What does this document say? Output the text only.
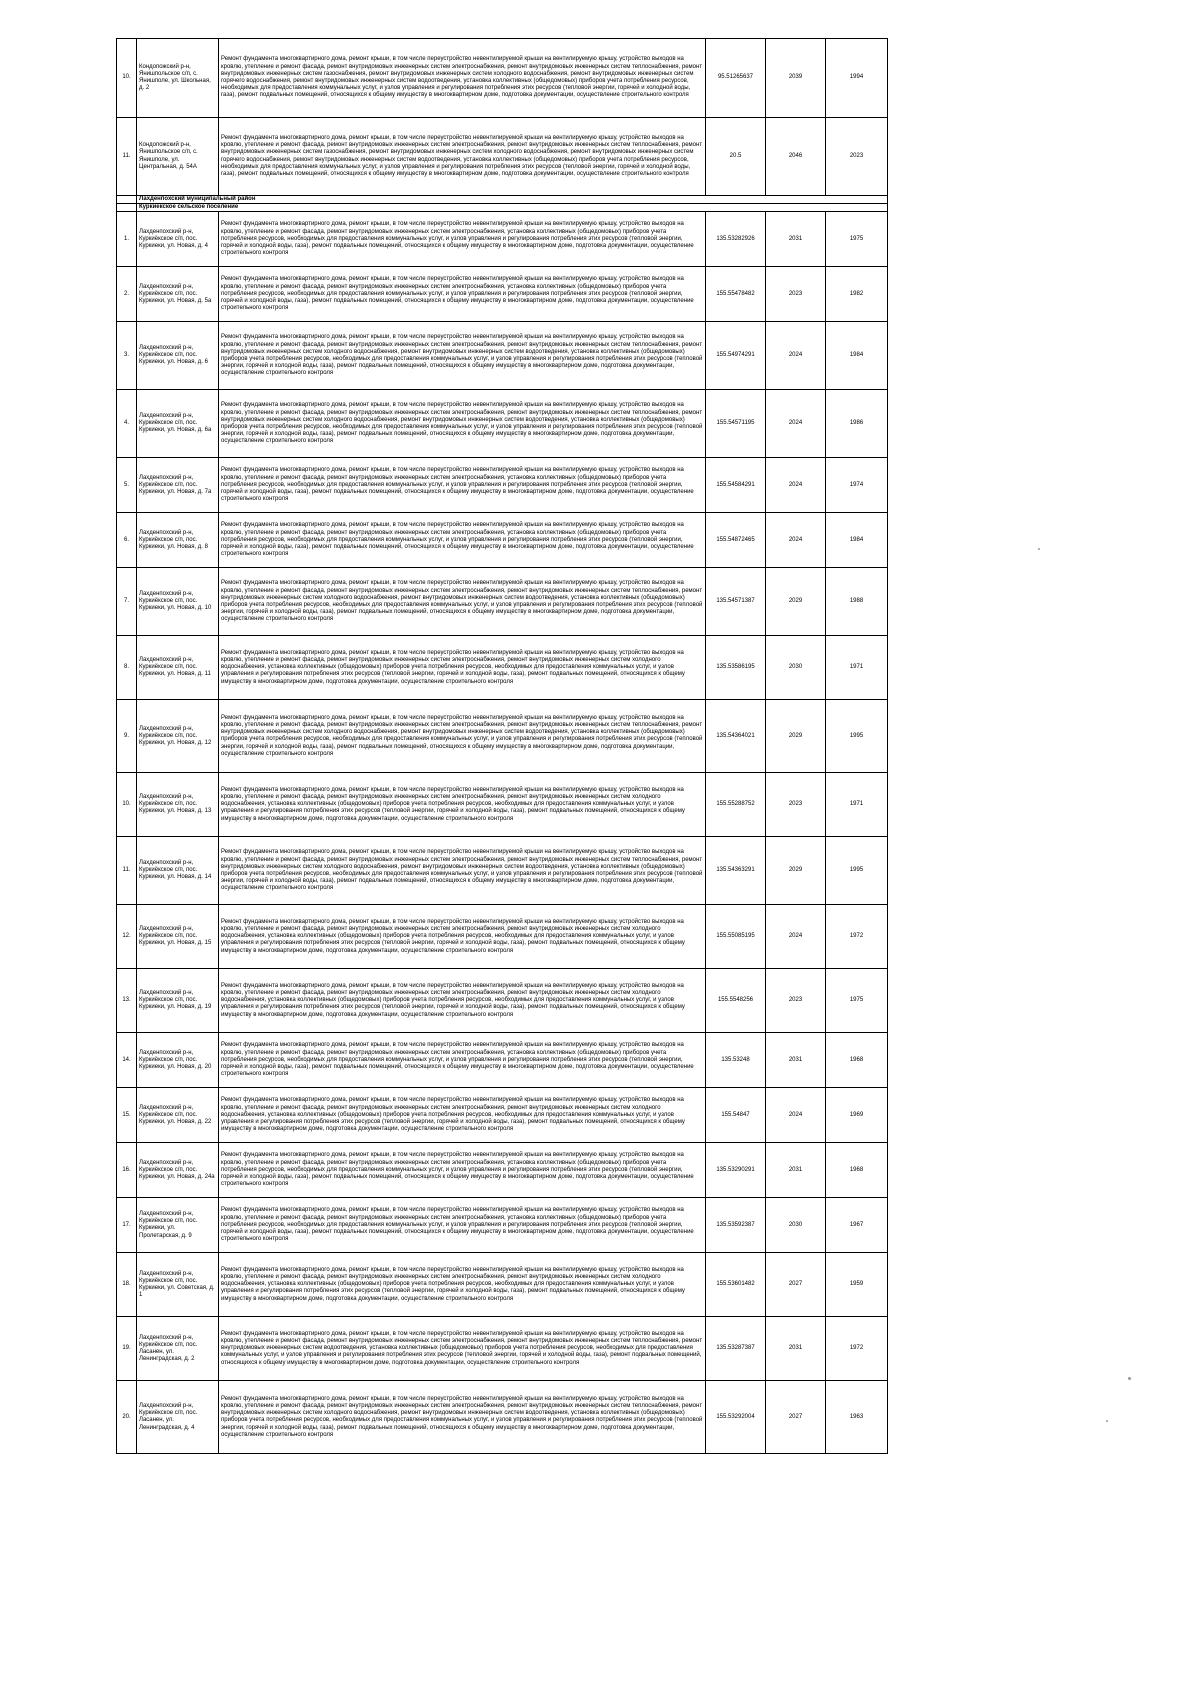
10.	Кондопожский р-н, Янишпольское с/п, с. Янишполе, ул. Школьная, д. 2	Ремонт фундамента многоквартирного дома, ремонт крыши, в том числе переустройство невентилируемой крыши на вентилируемую крышу, устройство выходов на кровлю, утепление и ремонт фасада, ремонт внутридомовых инженерных систем электроснабжения, ремонт внутридомовых инженерных систем теплоснабжения, ремонт внутридомовых инженерных систем газоснабжения, ремонт внутридомовых инженерных систем холодного водоснабжения, ремонт внутридомовых инженерных систем горячего водоснабжения, ремонт внутридомовых инженерных систем водоотведения, установка коллективных (общедомовых) приборов учета потребления ресурсов, необходимых для предоставления коммунальных услуг, и узлов управления и регулирования потребления этих ресурсов (тепловой энергии, горячей и холодной воды, газа), ремонт подвальных помещений, относящихся к общему имуществу в многоквартирном доме, подготовка документации, осуществление строительного контроля	95.51265637	2039	1994
11.	Кондопожский р-н, Янишпольское с/п, с. Янишполе, ул. Центральная, д. 54А	Ремонт фундамента многоквартирного дома, ремонт крыши, в том числе переустройство невентилируемой крыши на вентилируемую крышу, устройство выходов на кровлю, утепление и ремонт фасада, ремонт внутридомовых инженерных систем электроснабжения, ремонт внутридомовых инженерных систем теплоснабжения, ремонт внутридомовых инженерных систем газоснабжения, ремонт внутридомовых инженерных систем холодного водоснабжения, ремонт внутридомовых инженерных систем горячего водоснабжения, ремонт внутридомовых инженерных систем водоотведения, установка коллективных (общедомовых) приборов учета потребления ресурсов, необходимых для предоставления коммунальных услуг, и узлов управления и регулирования потребления этих ресурсов (тепловой энергии, горячей и холодной воды, газа), ремонт подвальных помещений, относящихся к общему имуществу в многоквартирном доме, подготовка документации, осуществление строительного контроля	20.5	2046	2023
	Лахденпохский муниципальный район				
	Куркиекское сельское поселение				
1.	Лахденпохский р-н, Куркиёкское с/п, пос. Куркиеки, ул. Новая, д. 4	Ремонт фундамента многоквартирного дома, ремонт крыши, в том числе переустройство невентилируемой крыши на вентилируемую крышу, устройство выходов на кровлю, утепление и ремонт фасада, ремонт внутридомовых инженерных систем электроснабжения, установка коллективных (общедомовых) приборов учета потребления ресурсов, необходимых для предоставления коммунальных услуг, и узлов управления и регулирования потребления этих ресурсов (тепловой энергии, горячей и холодной воды, газа), ремонт подвальных помещений, относящихся к общему имуществу в многоквартирном доме, подготовка документации, осуществление строительного контроля	135.53282926	2031	1975
2.	Лахденпохский р-н, Куркиёкское с/п, пос. Куркиеки, ул. Новая, д. 5а	Ремонт фундамента многоквартирного дома, ремонт крыши, в том числе переустройство невентилируемой крыши на вентилируемую крышу, устройство выходов на кровлю, утепление и ремонт фасада, ремонт внутридомовых инженерных систем электроснабжения, установка коллективных (общедомовых) приборов учета потребления ресурсов, необходимых для предоставления коммунальных услуг, и узлов управления и регулирования потребления этих ресурсов (тепловой энергии, горячей и холодной воды, газа), ремонт подвальных помещений, относящихся к общему имуществу в многоквартирном доме, подготовка документации, осуществление строительного контроля	155.55478482	2023	1982
3.	Лахденпохский р-н, Куркиёкское с/п, пос. Куркиеки, ул. Новая, д. 6	Ремонт фундамента многоквартирного дома, ремонт крыши, в том числе переустройство невентилируемой крыши на вентилируемую крышу, устройство выходов на кровлю, утепление и ремонт фасада, ремонт внутридомовых инженерных систем электроснабжения, ремонт внутридомовых инженерных систем теплоснабжения, ремонт внутридомовых инженерных систем холодного водоснабжения, ремонт внутридомовых инженерных систем водоотведения, установка коллективных (общедомовых) приборов учета потребления ресурсов, необходимых для предоставления коммунальных услуг, и узлов управления и регулирования потребления этих ресурсов (тепловой энергии, горячей и холодной воды, газа), ремонт подвальных помещений, относящихся к общему имуществу в многоквартирном доме, подготовка документации, осуществление строительного контроля	155.54974291	2024	1984
4.	Лахденпохский р-н, Куркиёкское с/п, пос. Куркиеки, ул. Новая, д. 6а	Ремонт фундамента многоквартирного дома, ремонт крыши, в том числе переустройство невентилируемой крыши на вентилируемую крышу, устройство выходов на кровлю, утепление и ремонт фасада, ремонт внутридомовых инженерных систем электроснабжения, ремонт внутридомовых инженерных систем теплоснабжения, ремонт внутридомовых инженерных систем холодного водоснабжения, ремонт внутридомовых инженерных систем водоотведения, установка коллективных (общедомовых) приборов учета потребления ресурсов, необходимых для предоставления коммунальных услуг, и узлов управления и регулирования потребления этих ресурсов (тепловой энергии, горячей и холодной воды, газа), ремонт подвальных помещений, относящихся к общему имуществу в многоквартирном доме, подготовка документации, осуществление строительного контроля	155.54571195	2024	1986
5.	Лахденпохский р-н, Куркиёкское с/п, пос. Куркиеки, ул. Новая, д. 7а	Ремонт фундамента многоквартирного дома, ремонт крыши, в том числе переустройство невентилируемой крыши на вентилируемую крышу, устройство выходов на кровлю, утепление и ремонт фасада, ремонт внутридомовых инженерных систем электроснабжения, установка коллективных (общедомовых) приборов учета потребления ресурсов, необходимых для предоставления коммунальных услуг, и узлов управления и регулирования потребления этих ресурсов (тепловой энергии, горячей и холодной воды, газа), ремонт подвальных помещений, относящихся к общему имуществу в многоквартирном доме, подготовка документации, осуществление строительного контроля	155.54584291	2024	1974
6.	Лахденпохский р-н, Куркиёкское с/п, пос. Куркиеки, ул. Новая, д. 8	Ремонт фундамента многоквартирного дома, ремонт крыши, в том числе переустройство невентилируемой крыши на вентилируемую крышу, устройство выходов на кровлю, утепление и ремонт фасада, ремонт внутридомовых инженерных систем электроснабжения, установка коллективных (общедомовых) приборов учета потребления ресурсов, необходимых для предоставления коммунальных услуг, и узлов управления и регулирования потребления этих ресурсов (тепловой энергии, горячей и холодной воды, газа), ремонт подвальных помещений, относящихся к общему имуществу в многоквартирном доме, подготовка документации, осуществление строительного контроля	155.54872465	2024	1984
7.	Лахденпохский р-н, Куркиёкское с/п, пос. Куркиеки, ул. Новая, д. 10	Ремонт фундамента многоквартирного дома, ремонт крыши, в том числе переустройство невентилируемой крыши на вентилируемую крышу, устройство выходов на кровлю, утепление и ремонт фасада, ремонт внутридомовых инженерных систем электроснабжения, ремонт внутридомовых инженерных систем теплоснабжения, ремонт внутридомовых инженерных систем холодного водоснабжения, ремонт внутридомовых инженерных систем водоотведения, установка коллективных (общедомовых) приборов учета потребления ресурсов, необходимых для предоставления коммунальных услуг, и узлов управления и регулирования потребления этих ресурсов (тепловой энергии, горячей и холодной воды, газа), ремонт подвальных помещений, относящихся к общему имуществу в многоквартирном доме, подготовка документации, осуществление строительного контроля	135.54571387	2029	1988
8.	Лахденпохский р-н, Куркиёкское с/п, пос. Куркиеки, ул. Новая, д. 11	Ремонт фундамента многоквартирного дома, ремонт крыши, в том числе переустройство невентилируемой крыши на вентилируемую крышу, устройство выходов на кровлю, утепление и ремонт фасада, ремонт внутридомовых инженерных систем электроснабжения, ремонт внутридомовых инженерных систем холодного водоснабжения, установка коллективных (общедомовых) приборов учета потребления ресурсов, необходимых для предоставления коммунальных услуг, и узлов управления и регулирования потребления этих ресурсов (тепловой энергии, горячей и холодной воды, газа), ремонт подвальных помещений, относящихся к общему имуществу в многоквартирном доме, подготовка документации, осуществление строительного контроля	135.53586195	2030	1971
9.	Лахденпохский р-н, Куркиёкское с/п, пос. Куркиеки, ул. Новая, д. 12	Ремонт фундамента многоквартирного дома, ремонт крыши, в том числе переустройство невентилируемой крыши на вентилируемую крышу, устройство выходов на кровлю, утепление и ремонт фасада, ремонт внутридомовых инженерных систем электроснабжения, ремонт внутридомовых инженерных систем теплоснабжения, ремонт внутридомовых инженерных систем холодного водоснабжения, ремонт внутридомовых инженерных систем водоотведения, установка коллективных (общедомовых) приборов учета потребления ресурсов, необходимых для предоставления коммунальных услуг, и узлов управления и регулирования потребления этих ресурсов (тепловой энергии, горячей и холодной воды, газа), ремонт подвальных помещений, относящихся к общему имуществу в многоквартирном доме, подготовка документации, осуществление строительного контроля	135.54364021	2029	1995
10.	Лахденпохский р-н, Куркиёкское с/п, пос. Куркиеки, ул. Новая, д. 13	Ремонт фундамента многоквартирного дома, ремонт крыши, в том числе переустройство невентилируемой крыши на вентилируемую крышу, устройство выходов на кровлю, утепление и ремонт фасада, ремонт внутридомовых инженерных систем электроснабжения, ремонт внутридомовых инженерных систем холодного водоснабжения, установка коллективных (общедомовых) приборов учета потребления ресурсов, необходимых для предоставления коммунальных услуг, и узлов управления и регулирования потребления этих ресурсов (тепловой энергии, горячей и холодной воды, газа), ремонт подвальных помещений, относящихся к общему имуществу в многоквартирном доме, подготовка документации, осуществление строительного контроля	155.55288752	2023	1971
11.	Лахденпохский р-н, Куркиёкское с/п, пос. Куркиеки, ул. Новая, д. 14	Ремонт фундамента многоквартирного дома, ремонт крыши, в том числе переустройство невентилируемой крыши на вентилируемую крышу, устройство выходов на кровлю, утепление и ремонт фасада, ремонт внутридомовых инженерных систем электроснабжения, ремонт внутридомовых инженерных систем теплоснабжения, ремонт внутридомовых инженерных систем холодного водоснабжения, ремонт внутридомовых инженерных систем водоотведения, установка коллективных (общедомовых) приборов учета потребления ресурсов, необходимых для предоставления коммунальных услуг, и узлов управления и регулирования потребления этих ресурсов (тепловой энергии, горячей и холодной воды, газа), ремонт подвальных помещений, относящихся к общему имуществу в многоквартирном доме, подготовка документации, осуществление строительного контроля	135.54363291	2029	1995
12.	Лахденпохский р-н, Куркиёкское с/п, пос. Куркиеки, ул. Новая, д. 15	Ремонт фундамента многоквартирного дома, ремонт крыши, в том числе переустройство невентилируемой крыши на вентилируемую крышу, устройство выходов на кровлю, утепление и ремонт фасада, ремонт внутридомовых инженерных систем электроснабжения, ремонт внутридомовых инженерных систем холодного водоснабжения, установка коллективных (общедомовых) приборов учета потребления ресурсов, необходимых для предоставления коммунальных услуг, и узлов управления и регулирования потребления этих ресурсов (тепловой энергии, горячей и холодной воды, газа), ремонт подвальных помещений, относящихся к общему имуществу в многоквартирном доме, подготовка документации, осуществление строительного контроля	155.55085195	2024	1972
13.	Лахденпохский р-н, Куркиёкское с/п, пос. Куркиеки, ул. Новая, д. 19	Ремонт фундамента многоквартирного дома, ремонт крыши, в том числе переустройство невентилируемой крыши на вентилируемую крышу, устройство выходов на кровлю, утепление и ремонт фасада, ремонт внутридомовых инженерных систем электроснабжения, ремонт внутридомовых инженерных систем холодного водоснабжения, установка коллективных (общедомовых) приборов учета потребления ресурсов, необходимых для предоставления коммунальных услуг, и узлов управления и регулирования потребления этих ресурсов (тепловой энергии, горячей и холодной воды, газа), ремонт подвальных помещений, относящихся к общему имуществу в многоквартирном доме, подготовка документации, осуществление строительного контроля	155.5548256	2023	1975
14.	Лахденпохский р-н, Куркиёкское с/п, пос. Куркиеки, ул. Новая, д. 20	Ремонт фундамента многоквартирного дома, ремонт крыши, в том числе переустройство невентилируемой крыши на вентилируемую крышу, устройство выходов на кровлю, утепление и ремонт фасада, ремонт внутридомовых инженерных систем электроснабжения, установка коллективных (общедомовых) приборов учета потребления ресурсов, необходимых для предоставления коммунальных услуг, и узлов управления и регулирования потребления этих ресурсов (тепловой энергии, горячей и холодной воды, газа), ремонт подвальных помещений, относящихся к общему имуществу в многоквартирном доме, подготовка документации, осуществление строительного контроля	135.53248	2031	1968
15.	Лахденпохский р-н, Куркиёкское с/п, пос. Куркиеки, ул. Новая, д. 22	Ремонт фундамента многоквартирного дома, ремонт крыши, в том числе переустройство невентилируемой крыши на вентилируемую крышу, устройство выходов на кровлю, утепление и ремонт фасада, ремонт внутридомовых инженерных систем электроснабжения, ремонт внутридомовых инженерных систем холодного водоснабжения, установка коллективных (общедомовых) приборов учета потребления ресурсов, необходимых для предоставления коммунальных услуг, и узлов управления и регулирования потребления этих ресурсов (тепловой энергии, горячей и холодной воды, газа), ремонт подвальных помещений, относящихся к общему имуществу в многоквартирном доме, подготовка документации, осуществление строительного контроля	155.54847	2024	1969
16.	Лахденпохский р-н, Куркиёкское с/п, пос. Куркиеки, ул. Новая, д. 24а	Ремонт фундамента многоквартирного дома, ремонт крыши, в том числе переустройство невентилируемой крыши на вентилируемую крышу, устройство выходов на кровлю, утепление и ремонт фасада, ремонт внутридомовых инженерных систем электроснабжения, установка коллективных (общедомовых) приборов учета потребления ресурсов, необходимых для предоставления коммунальных услуг, и узлов управления и регулирования потребления этих ресурсов (тепловой энергии, горячей и холодной воды, газа), ремонт подвальных помещений, относящихся к общему имуществу в многоквартирном доме, подготовка документации, осуществление строительного контроля	135.53290291	2031	1968
17.	Лахденпохский р-н, Куркиёкское с/п, пос. Куркиеки, ул. Пролетарская, д. 9	Ремонт фундамента многоквартирного дома, ремонт крыши, в том числе переустройство невентилируемой крыши на вентилируемую крышу, устройство выходов на кровлю, утепление и ремонт фасада, ремонт внутридомовых инженерных систем электроснабжения, установка коллективных (общедомовых) приборов учета потребления ресурсов, необходимых для предоставления коммунальных услуг, и узлов управления и регулирования потребления этих ресурсов (тепловой энергии, горячей и холодной воды, газа), ремонт подвальных помещений, относящихся к общему имуществу в многоквартирном доме, подготовка документации, осуществление строительного контроля	135.53592387	2030	1967
18.	Лахденпохский р-н, Куркиёкское с/п, пос. Куркиеки, ул. Советская, д. 1	Ремонт фундамента многоквартирного дома, ремонт крыши, в том числе переустройство невентилируемой крыши на вентилируемую крышу, устройство выходов на кровлю, утепление и ремонт фасада, ремонт внутридомовых инженерных систем электроснабжения, ремонт внутридомовых инженерных систем холодного водоснабжения, установка коллективных (общедомовых) приборов учета потребления ресурсов, необходимых для предоставления коммунальных услуг, и узлов управления и регулирования потребления этих ресурсов (тепловой энергии, горячей и холодной воды, газа), ремонт подвальных помещений, относящихся к общему имуществу в многоквартирном доме, подготовка документации, осуществление строительного контроля	155.53601482	2027	1959
19.	Лахденпохский р-н, Куркиёкское с/п, пос. Ласанен, ул. Ленинградская, д. 2	Ремонт фундамента многоквартирного дома, ремонт крыши, в том числе переустройство невентилируемой крыши на вентилируемую крышу, устройство выходов на кровлю, утепление и ремонт фасада, ремонт внутридомовых инженерных систем электроснабжения, ремонт внутридомовых инженерных систем теплоснабжения, ремонт внутридомовых инженерных систем водоотведения, установка коллективных (общедомовых) приборов учета потребления ресурсов, необходимых для предоставления коммунальных услуг, и узлов управления и регулирования потребления этих ресурсов (тепловой энергии, горячей и холодной воды, газа), ремонт подвальных помещений, относящихся к общему имуществу в многоквартирном доме, подготовка документации, осуществление строительного контроля	135.53287387	2031	1972
20.	Лахденпохский р-н, Куркиёкское с/п, пос. Ласанен, ул. Ленинградская, д. 4	Ремонт фундамента многоквартирного дома, ремонт крыши, в том числе переустройство невентилируемой крыши на вентилируемую крышу, устройство выходов на кровлю, утепление и ремонт фасада, ремонт внутридомовых инженерных систем электроснабжения, ремонт внутридомовых инженерных систем теплоснабжения, ремонт внутридомовых инженерных систем холодного водоснабжения, ремонт внутридомовых инженерных систем водоотведения, установка коллективных (общедомовых) приборов учета потребления ресурсов, необходимых для предоставления коммунальных услуг, и узлов управления и регулирования потребления этих ресурсов (тепловой энергии, горячей и холодной воды, газа), ремонт подвальных помещений, относящихся к общему имуществу в многоквартирном доме, подготовка документации, осуществление строительного контроля	155.53292004	2027	1963
